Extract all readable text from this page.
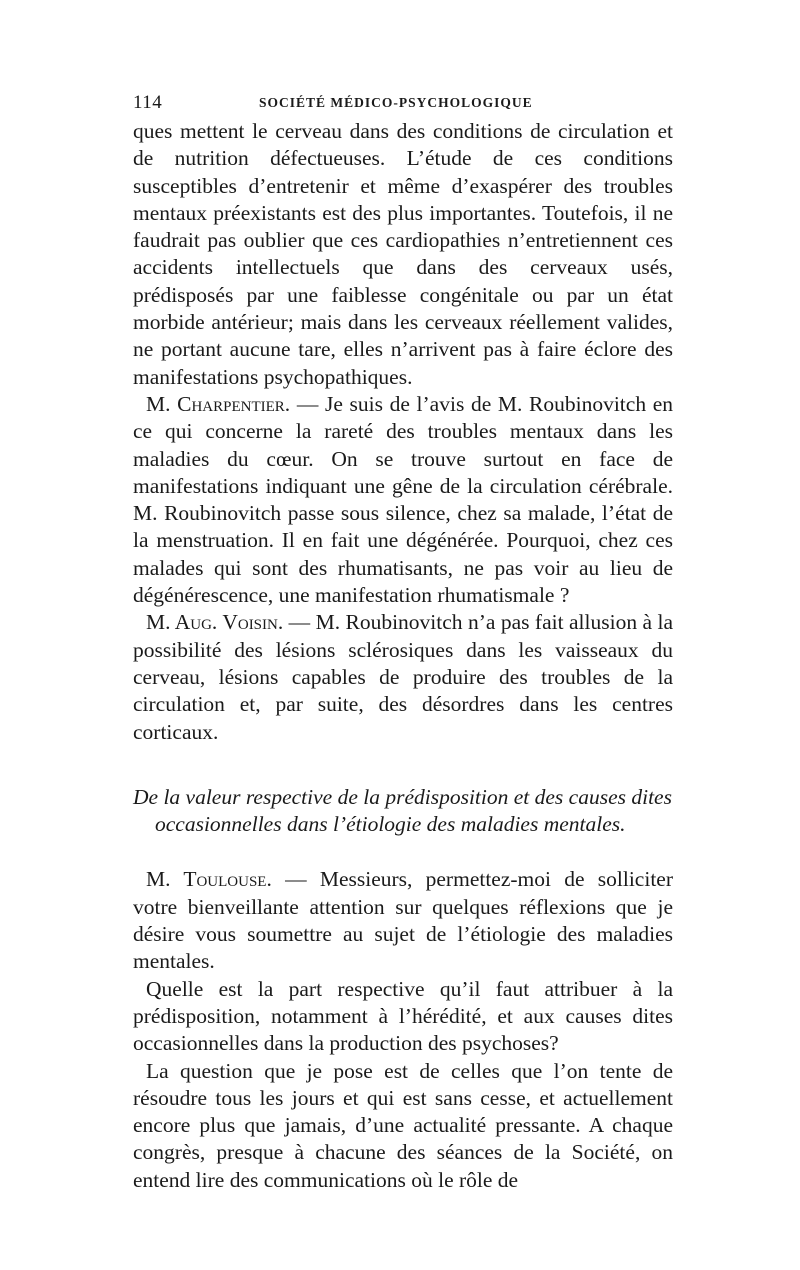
114	SOCIÉTÉ MÉDICO-PSYCHOLOGIQUE

ques mettent le cerveau dans des conditions de circulation et de nutrition défectueuses. L’étude de ces conditions susceptibles d’entretenir et même d’exaspérer des troubles mentaux préexistants est des plus importantes. Toutefois, il ne faudrait pas oublier que ces cardiopathies n’entretiennent ces accidents intellectuels que dans des cerveaux usés, prédisposés par une faiblesse congénitale ou par un état morbide antérieur; mais dans les cerveaux réellement valides, ne portant aucune tare, elles n’arrivent pas à faire éclore des manifestations psychopathiques.

M. Charpentier. — Je suis de l’avis de M. Roubinovitch en ce qui concerne la rareté des troubles mentaux dans les maladies du cœur. On se trouve surtout en face de manifestations indiquant une gêne de la circulation cérébrale. M. Roubinovitch passe sous silence, chez sa malade, l’état de la menstruation. Il en fait une dégénérée. Pourquoi, chez ces malades qui sont des rhumatisants, ne pas voir au lieu de dégénérescence, une manifestation rhumatismale ?

M. Aug. Voisin. — M. Roubinovitch n’a pas fait allusion à la possibilité des lésions sclérosiques dans les vaisseaux du cerveau, lésions capables de produire des troubles de la circulation et, par suite, des désordres dans les centres corticaux.

De la valeur respective de la prédisposition et des causes dites occasionnelles dans l’étiologie des maladies mentales.

M. Toulouse. — Messieurs, permettez-moi de solliciter votre bienveillante attention sur quelques réflexions que je désire vous soumettre au sujet de l’étiologie des maladies mentales.

Quelle est la part respective qu’il faut attribuer à la prédisposition, notamment à l’hérédité, et aux causes dites occasionnelles dans la production des psychoses?

La question que je pose est de celles que l’on tente de résoudre tous les jours et qui est sans cesse, et actuellement encore plus que jamais, d’une actualité pressante. A chaque congrès, presque à chacune des séances de la Société, on entend lire des communications où le rôle de
